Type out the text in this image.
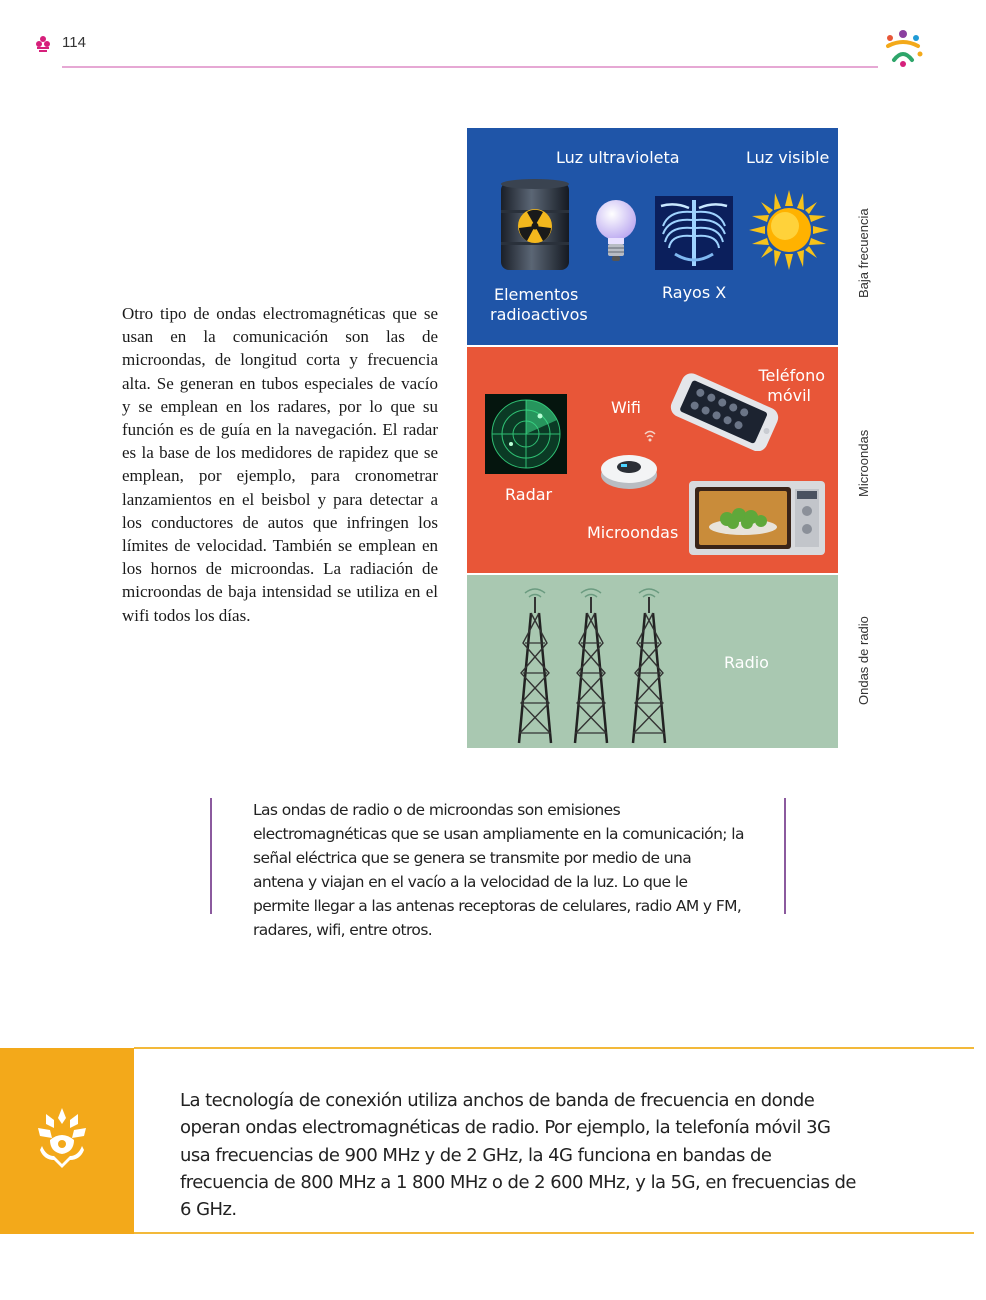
114
Otro tipo de ondas electromagnéticas que se usan en la comunicación son las de microondas, de longitud corta y frecuencia alta. Se generan en tubos especiales de vacío y se emplean en los radares, por lo que su función es de guía en la navegación. El radar es la base de los medidores de rapidez que se emplean, por ejemplo, para cronometrar lanzamientos en el beisbol y para detectar a los conductores de autos que infringen los límites de velocidad. También se emplean en los hornos de microondas. La radiación de microondas de baja intensidad se utiliza en el wifi todos los días.
Luz ultravioleta	Luz visible
Elementos
radioactivos
Rayos X
Radar
Wifi
Teléfono
móvil
Microondas
Radio
Baja frecuencia
Microondas
Ondas de radio
Las ondas de radio o de microondas son emisiones electromagnéticas que se usan ampliamente en la comunicación; la señal eléctrica que se genera se transmite por medio de una antena y viajan en el vacío a la velocidad de la luz. Lo que le permite llegar a las antenas receptoras de celulares, radio AM y FM, radares, wifi, entre otros.
La tecnología de conexión utiliza anchos de banda de frecuencia en donde operan ondas electromagnéticas de radio. Por ejemplo, la telefonía móvil 3G usa frecuencias de 900 MHz y de 2 GHz, la 4G funciona en bandas de frecuencia de 800 MHz a 1 800 MHz o de 2 600 MHz, y la 5G, en frecuencias de 6 GHz.
